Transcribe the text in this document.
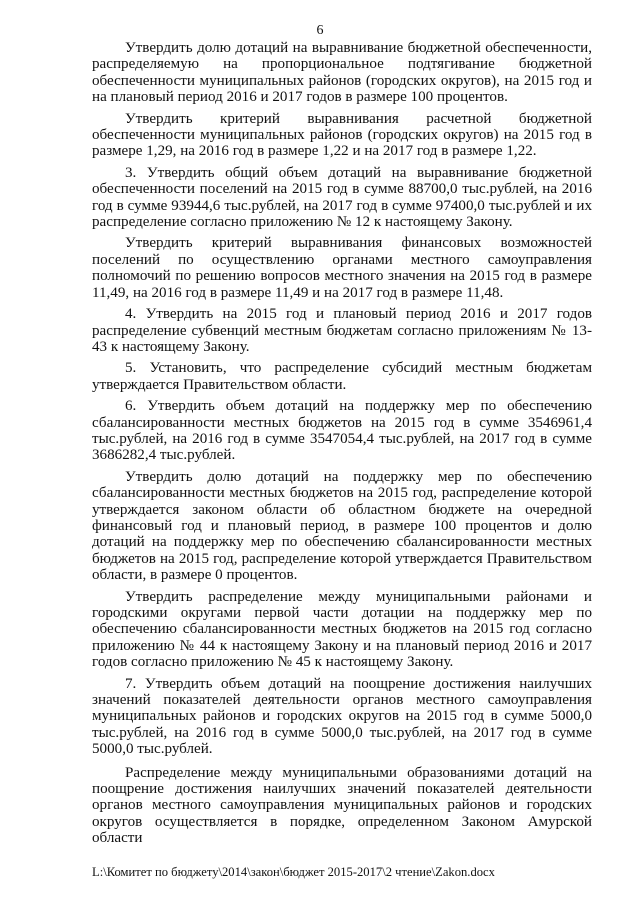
6

Утвердить долю дотаций на выравнивание бюджетной обеспеченности, распределяемую на пропорциональное подтягивание бюджетной обеспеченности муниципальных районов (городских округов), на 2015 год и на плановый период 2016 и 2017 годов в размере 100 процентов.

Утвердить критерий выравнивания расчетной бюджетной обеспеченности муниципальных районов (городских округов) на 2015 год в размере 1,29, на 2016 год в размере 1,22 и на 2017 год в размере 1,22.

3. Утвердить общий объем дотаций на выравнивание бюджетной обеспеченности поселений на 2015 год в сумме 88700,0 тыс.рублей, на 2016 год в сумме 93944,6 тыс.рублей, на 2017 год в сумме 97400,0 тыс.рублей и их распределение согласно приложению № 12 к настоящему Закону.

Утвердить критерий выравнивания финансовых возможностей поселений по осуществлению органами местного самоуправления полномочий по решению вопросов местного значения на 2015 год в размере 11,49, на 2016 год в размере 11,49 и на 2017 год в размере 11,48.

4. Утвердить на 2015 год и плановый период 2016 и 2017 годов распределение субвенций местным бюджетам согласно приложениям № 13-43 к настоящему Закону.

5. Установить, что распределение субсидий местным бюджетам утверждается Правительством области.

6. Утвердить объем дотаций на поддержку мер по обеспечению сбалансированности местных бюджетов на 2015 год в сумме 3546961,4 тыс.рублей, на 2016 год в сумме 3547054,4 тыс.рублей, на 2017 год в сумме 3686282,4 тыс.рублей.

Утвердить долю дотаций на поддержку мер по обеспечению сбалансированности местных бюджетов на 2015 год, распределение которой утверждается законом области об областном бюджете на очередной финансовый год и плановый период, в размере 100 процентов и долю дотаций на поддержку мер по обеспечению сбалансированности местных бюджетов на 2015 год, распределение которой утверждается Правительством области, в размере 0 процентов.

Утвердить распределение между муниципальными районами и городскими округами первой части дотации на поддержку мер по обеспечению сбалансированности местных бюджетов на 2015 год согласно приложению № 44 к настоящему Закону и на плановый период 2016 и 2017 годов согласно приложению № 45 к настоящему Закону.

7. Утвердить объем дотаций на поощрение достижения наилучших значений показателей деятельности органов местного самоуправления муниципальных районов и городских округов на 2015 год в сумме 5000,0 тыс.рублей, на 2016 год в сумме 5000,0 тыс.рублей, на 2017 год в сумме 5000,0 тыс.рублей.

Распределение между муниципальными образованиями дотаций на поощрение достижения наилучших значений показателей деятельности органов местного самоуправления муниципальных районов и городских округов осуществляется в порядке, определенном Законом Амурской области

L:\Комитет по бюджету\2014\закон\бюджет 2015-2017\2 чтение\Zakon.docx
